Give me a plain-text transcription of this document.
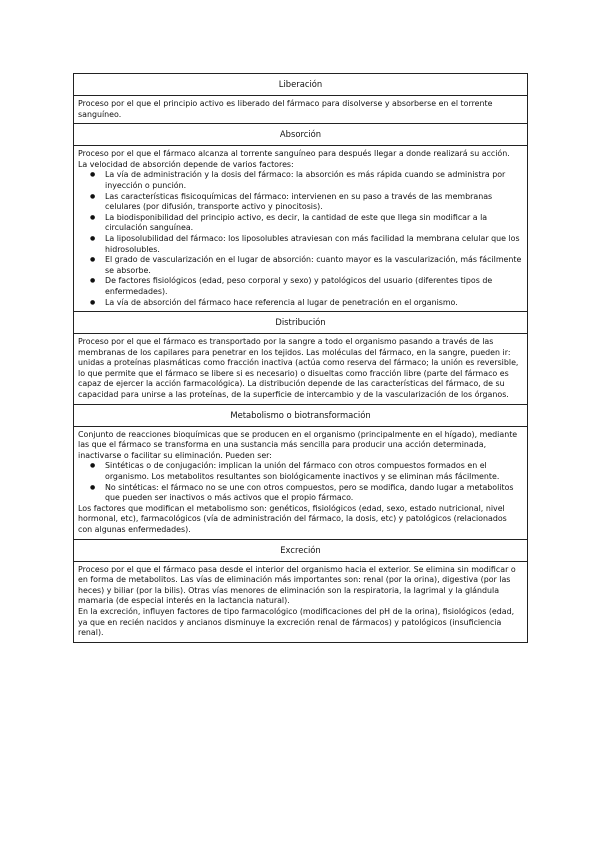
Liberación

Proceso por el que el principio activo es liberado del fármaco para disolverse y absorberse en el torrente sanguíneo.

Absorción

Proceso por el que el fármaco alcanza al torrente sanguíneo para después llegar a donde realizará su acción.

La velocidad de absorción depende de varios factores:

● La vía de administración y la dosis del fármaco: la absorción es más rápida cuando se administra por inyección o punción.
● Las características fisicoquímicas del fármaco: intervienen en su paso a través de las membranas celulares (por difusión, transporte activo y pinocitosis).
● La biodisponibilidad del principio activo, es decir, la cantidad de este que llega sin modificar a la circulación sanguínea.
● La liposolubilidad del fármaco: los liposolubles atraviesan con más facilidad la membrana celular que los hidrosolubles.
● El grado de vascularización en el lugar de absorción: cuanto mayor es la vascularización, más fácilmente se absorbe.
● De factores fisiológicos (edad, peso corporal y sexo) y patológicos del usuario (diferentes tipos de enfermedades).
● La vía de absorción del fármaco hace referencia al lugar de penetración en el organismo.

Distribución

Proceso por el que el fármaco es transportado por la sangre a todo el organismo pasando a través de las membranas de los capilares para penetrar en los tejidos. Las moléculas del fármaco, en la sangre, pueden ir: unidas a proteínas plasmáticas como fracción inactiva (actúa como reserva del fármaco; la unión es reversible, lo que permite que el fármaco se libere si es necesario) o disueltas como fracción libre (parte del fármaco es capaz de ejercer la acción farmacológica). La distribución depende de las características del fármaco, de su capacidad para unirse a las proteínas, de la superficie de intercambio y de la vascularización de los órganos.

Metabolismo o biotransformación

Conjunto de reacciones bioquímicas que se producen en el organismo (principalmente en el hígado), mediante las que el fármaco se transforma en una sustancia más sencilla para producir una acción determinada, inactivarse o facilitar su eliminación. Pueden ser:

● Sintéticas o de conjugación: implican la unión del fármaco con otros compuestos formados en el organismo. Los metabolitos resultantes son biológicamente inactivos y se eliminan más fácilmente.
● No sintéticas: el fármaco no se une con otros compuestos, pero se modifica, dando lugar a metabolitos que pueden ser inactivos o más activos que el propio fármaco.

Los factores que modifican el metabolismo son: genéticos, fisiológicos (edad, sexo, estado nutricional, nivel hormonal, etc), farmacológicos (vía de administración del fármaco, la dosis, etc) y patológicos (relacionados con algunas enfermedades).

Excreción

Proceso por el que el fármaco pasa desde el interior del organismo hacia el exterior. Se elimina sin modificar o en forma de metabolitos. Las vías de eliminación más importantes son: renal (por la orina), digestiva (por las heces) y biliar (por la bilis). Otras vías menores de eliminación son la respiratoria, la lagrimal y la glándula mamaria (de especial interés en la lactancia natural).

En la excreción, influyen factores de tipo farmacológico (modificaciones del pH de la orina), fisiológicos (edad, ya que en recién nacidos y ancianos disminuye la excreción renal de fármacos) y patológicos (insuficiencia renal).
